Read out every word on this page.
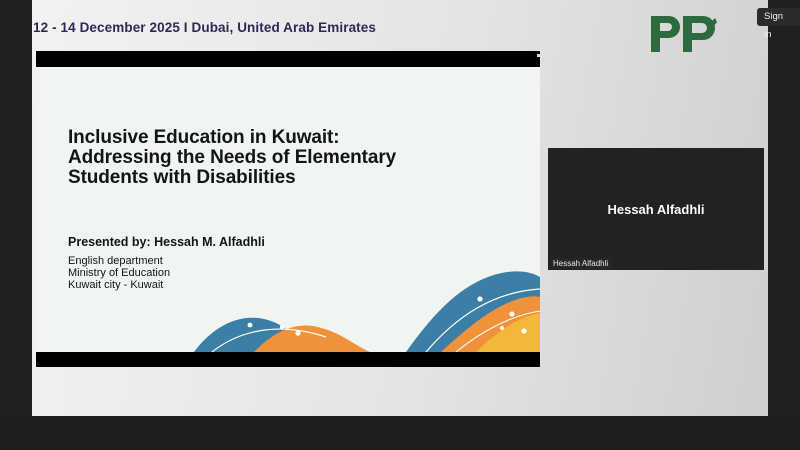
12 - 14 December 2025 I Dubai, United Arab Emirates
Sign in
Inclusive Education in Kuwait:
Addressing the Needs of Elementary
Students with Disabilities
Presented by: Hessah M. Alfadhli
English department
Ministry of Education
Kuwait city - Kuwait
Hessah Alfadhli
Hessah Alfadhli
